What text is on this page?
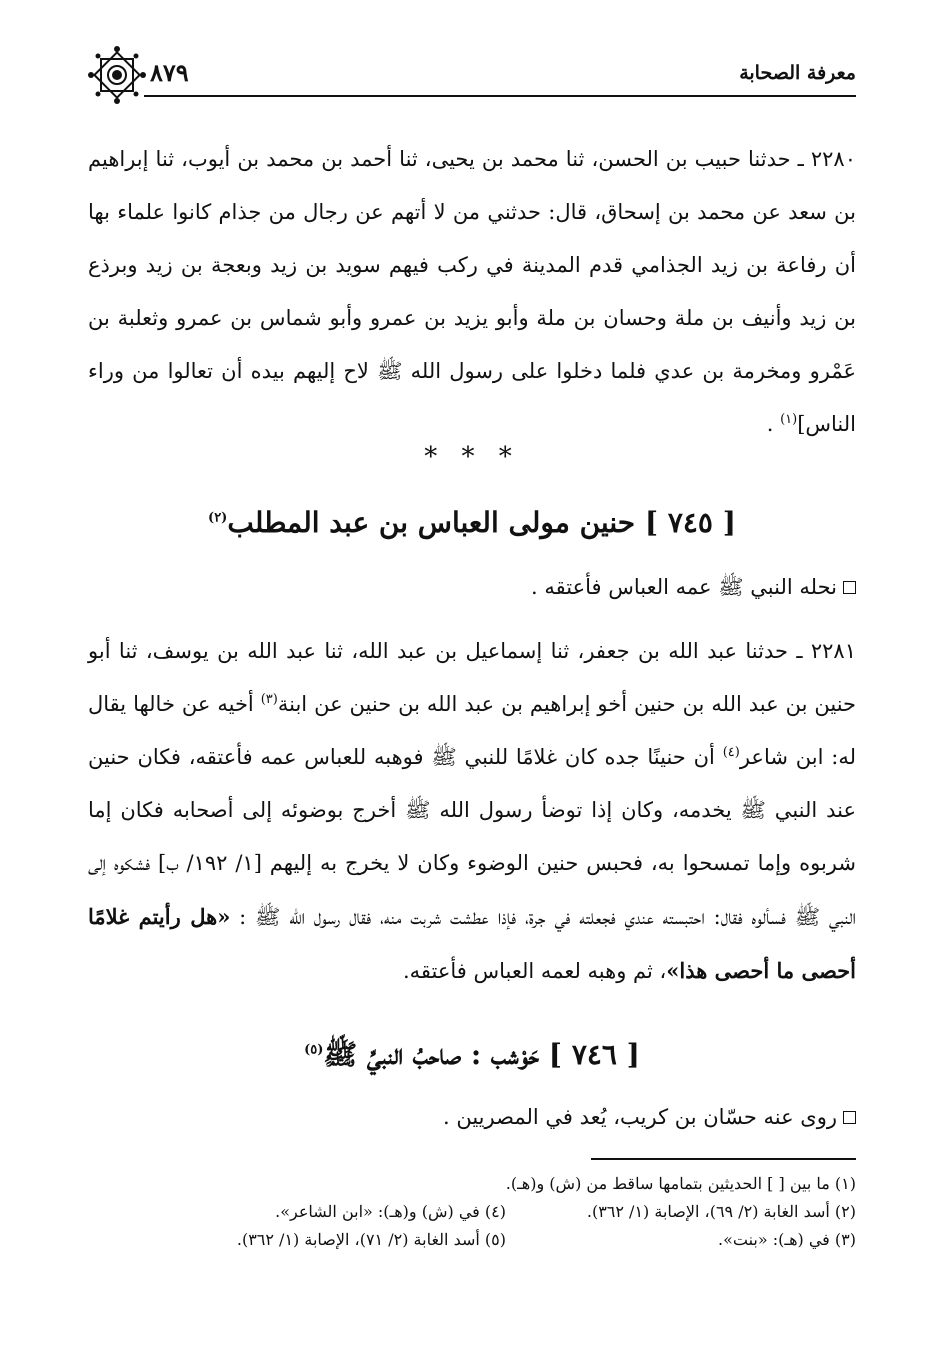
معرفة الصحابة
٨٧٩

٢٢٨٠ ـ حدثنا حبيب بن الحسن، ثنا محمد بن يحيى، ثنا أحمد بن محمد بن أيوب، ثنا إبراهيم بن سعد عن محمد بن إسحاق، قال: حدثني من لا أتهم عن رجال من جذام كانوا علماء بها أن رفاعة بن زيد الجذامي قدم المدينة في ركب فيهم سويد بن زيد وبعجة بن زيد وبرذع بن زيد وأنيف بن ملة وحسان بن ملة وأبو يزيد بن عمرو وأبو شماس بن عمرو وثعلبة بن عَمْرو ومخرمة بن عدي فلما دخلوا على رسول الله ﷺ لاح إليهم بيده أن تعالوا من وراء الناس]$^{(١)}$ .

* * *
[ ٧٤٥ ] حنين مولى العباس بن عبد المطلب$^{(٢)}$

نحله النبي ﷺ عمه العباس فأعتقه .

٢٢٨١ ـ حدثنا عبد الله بن جعفر، ثنا إسماعيل بن عبد الله، ثنا عبد الله بن يوسف، ثنا أبو حنين بن عبد الله بن حنين أخو إبراهيم بن عبد الله بن حنين عن ابنة$^{(٣)}$ أخيه عن خالها يقال له: ابن شاعر$^{(٤)}$ أن حنينًا جده كان غلامًا للنبي ﷺ فوهبه للعباس عمه فأعتقه، فكان حنين عند النبي ﷺ يخدمه، وكان إذا توضأ رسول الله ﷺ أخرج بوضوئه إلى أصحابه فكان إما شربوه وإما تمسحوا به، فحبس حنين الوضوء وكان لا يخرج به إليهم [١/ ١٩٢/ ب] فشكوه إلى النبي ﷺ فسألوه فقال: احتبسته عندي فجعلته في جرة، فإذا عطشت شربت منه، فقال رسول الله ﷺ : «هل رأيتم غلامًا أحصى ما أحصى هذا»، ثم وهبه لعمه العباس فأعتقه.

[ ٧٤٦ ] حَوْشب : صاحبُ النبيِّ ﷺ$^{(٥)}$

روى عنه حسّان بن كريب، يُعد في المصريين .

(١) ما بين [ ] الحديثين بتمامها ساقط من (ش) و(هـ).
(٢) أسد الغابة (٢/ ٦٩)، الإصابة (١/ ٣٦٢).
(٤) في (ش) و(هـ): «ابن الشاعر».
(٣) في (هـ): «بنت».
(٥) أسد الغابة (٢/ ٧١)، الإصابة (١/ ٣٦٢).
